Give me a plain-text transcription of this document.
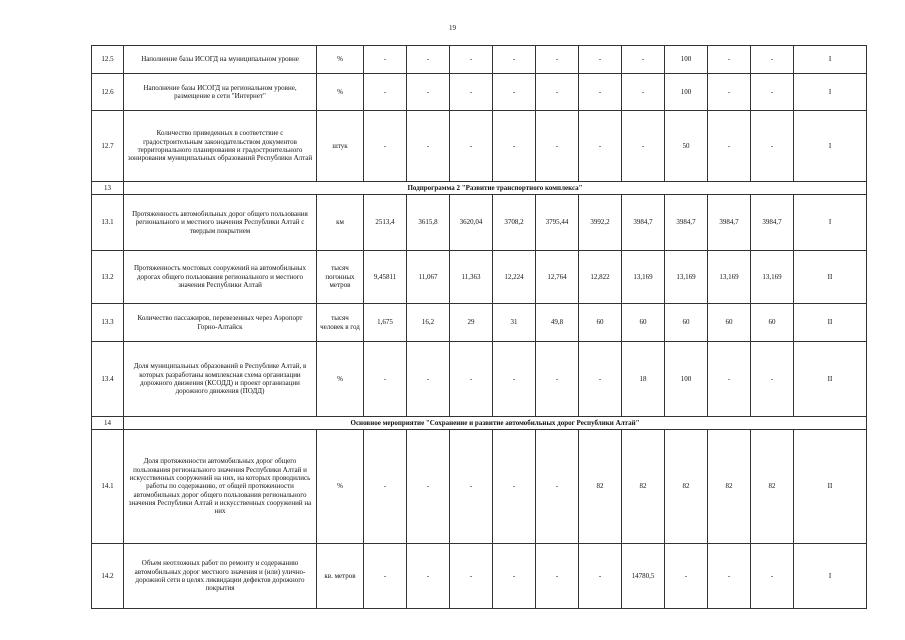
19
12.5	Наполнение базы ИСОГД на муниципальном уровне	%	-	-	-	-	-	-	-	100	-	-	I
12.6	Наполнение базы ИСОГД на региональном уровне, размещение в сети "Интернет"	%	-	-	-	-	-	-	-	100	-	-	I
12.7	Количество приведенных в соответствие с градостроительным законодательством документов территориального планирования и градостроительного зонирования муниципальных образований Республики Алтай	штук	-	-	-	-	-	-	-	50	-	-	I
13	Подпрограмма 2 "Развитие транспортного комплекса"												
13.1	Протяженность автомобильных дорог общего пользования регионального и местного значения Республики Алтай с твердым покрытием	км	2513,4	3615,8	3620,04	3708,2	3795,44	3992,2	3984,7	3984,7	3984,7	3984,7	I
13.2	Протяженность мостовых сооружений на автомобильных дорогах общего пользования регионального и местного значения Республики Алтай	тысяч погонных метров	9,45811	11,067	11,363	12,224	12,764	12,822	13,169	13,169	13,169	13,169	II
13.3	Количество пассажиров, перевезенных через Аэропорт Горно-Алтайск	тысяч человек в год	1,675	16,2	29	31	49,8	60	60	60	60	60	II
13.4	Доля муниципальных образований в Республике Алтай, в которых разработаны комплексная схема организации дорожного движения (КСОДД) и проект организации дорожного движения (ПОДД)	%	-	-	-	-	-	-	18	100	-	-	II
14	Основное мероприятие "Сохранение и развитие автомобильных дорог Республики Алтай"												
14.1	Доля протяженности автомобильных дорог общего пользования регионального значения Республики Алтай и искусственных сооружений на них, на которых проводились работы по содержанию, от общей протяженности автомобильных дорог общего пользования регионального значения Республики Алтай и искусственных сооружений на них	%	-	-	-	-	-	82	82	82	82	82	II
14.2	Объем неотложных работ по ремонту и содержанию автомобильных дорог местного значения и (или) улично-дорожной сети в целях ликвидации дефектов дорожного покрытия	кв. метров	-	-	-	-	-	-	14780,5	-	-	-	I
